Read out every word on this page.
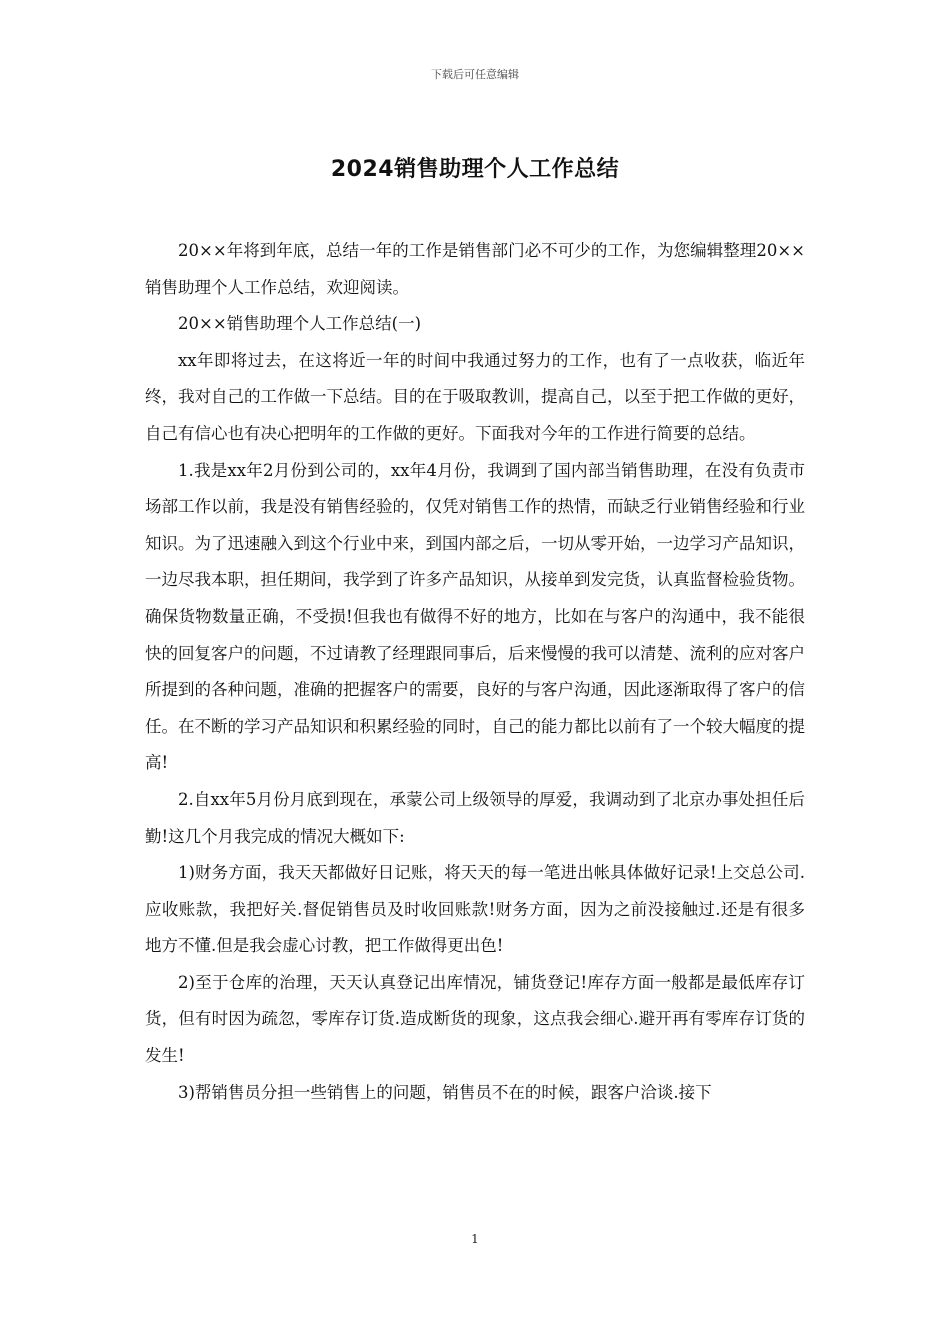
下载后可任意编辑
2024销售助理个人工作总结

20××年将到年底，总结一年的工作是销售部门必不可少的工作，为您编辑整理20××销售助理个人工作总结，欢迎阅读。

20××销售助理个人工作总结(一)

xx年即将过去，在这将近一年的时间中我通过努力的工作，也有了一点收获，临近年终，我对自己的工作做一下总结。目的在于吸取教训，提高自己，以至于把工作做的更好，自己有信心也有决心把明年的工作做的更好。下面我对今年的工作进行简要的总结。

1.我是xx年2月份到公司的，xx年4月份，我调到了国内部当销售助理，在没有负责市场部工作以前，我是没有销售经验的，仅凭对销售工作的热情，而缺乏行业销售经验和行业知识。为了迅速融入到这个行业中来，到国内部之后，一切从零开始，一边学习产品知识，一边尽我本职，担任期间，我学到了许多产品知识，从接单到发完货，认真监督检验货物。确保货物数量正确，不受损!但我也有做得不好的地方，比如在与客户的沟通中，我不能很快的回复客户的问题，不过请教了经理跟同事后，后来慢慢的我可以清楚、流利的应对客户所提到的各种问题，准确的把握客户的需要，良好的与客户沟通，因此逐渐取得了客户的信任。在不断的学习产品知识和积累经验的同时，自己的能力都比以前有了一个较大幅度的提高!

2.自xx年5月份月底到现在，承蒙公司上级领导的厚爱，我调动到了北京办事处担任后勤!这几个月我完成的情况大概如下:

1)财务方面，我天天都做好日记账，将天天的每一笔进出帐具体做好记录!上交总公司.应收账款，我把好关.督促销售员及时收回账款!财务方面，因为之前没接触过.还是有很多地方不懂.但是我会虚心讨教，把工作做得更出色!

2)至于仓库的治理，天天认真登记出库情况，铺货登记!库存方面一般都是最低库存订货，但有时因为疏忽，零库存订货.造成断货的现象，这点我会细心.避开再有零库存订货的发生!

3)帮销售员分担一些销售上的问题，销售员不在的时候，跟客户洽谈.接下

1
